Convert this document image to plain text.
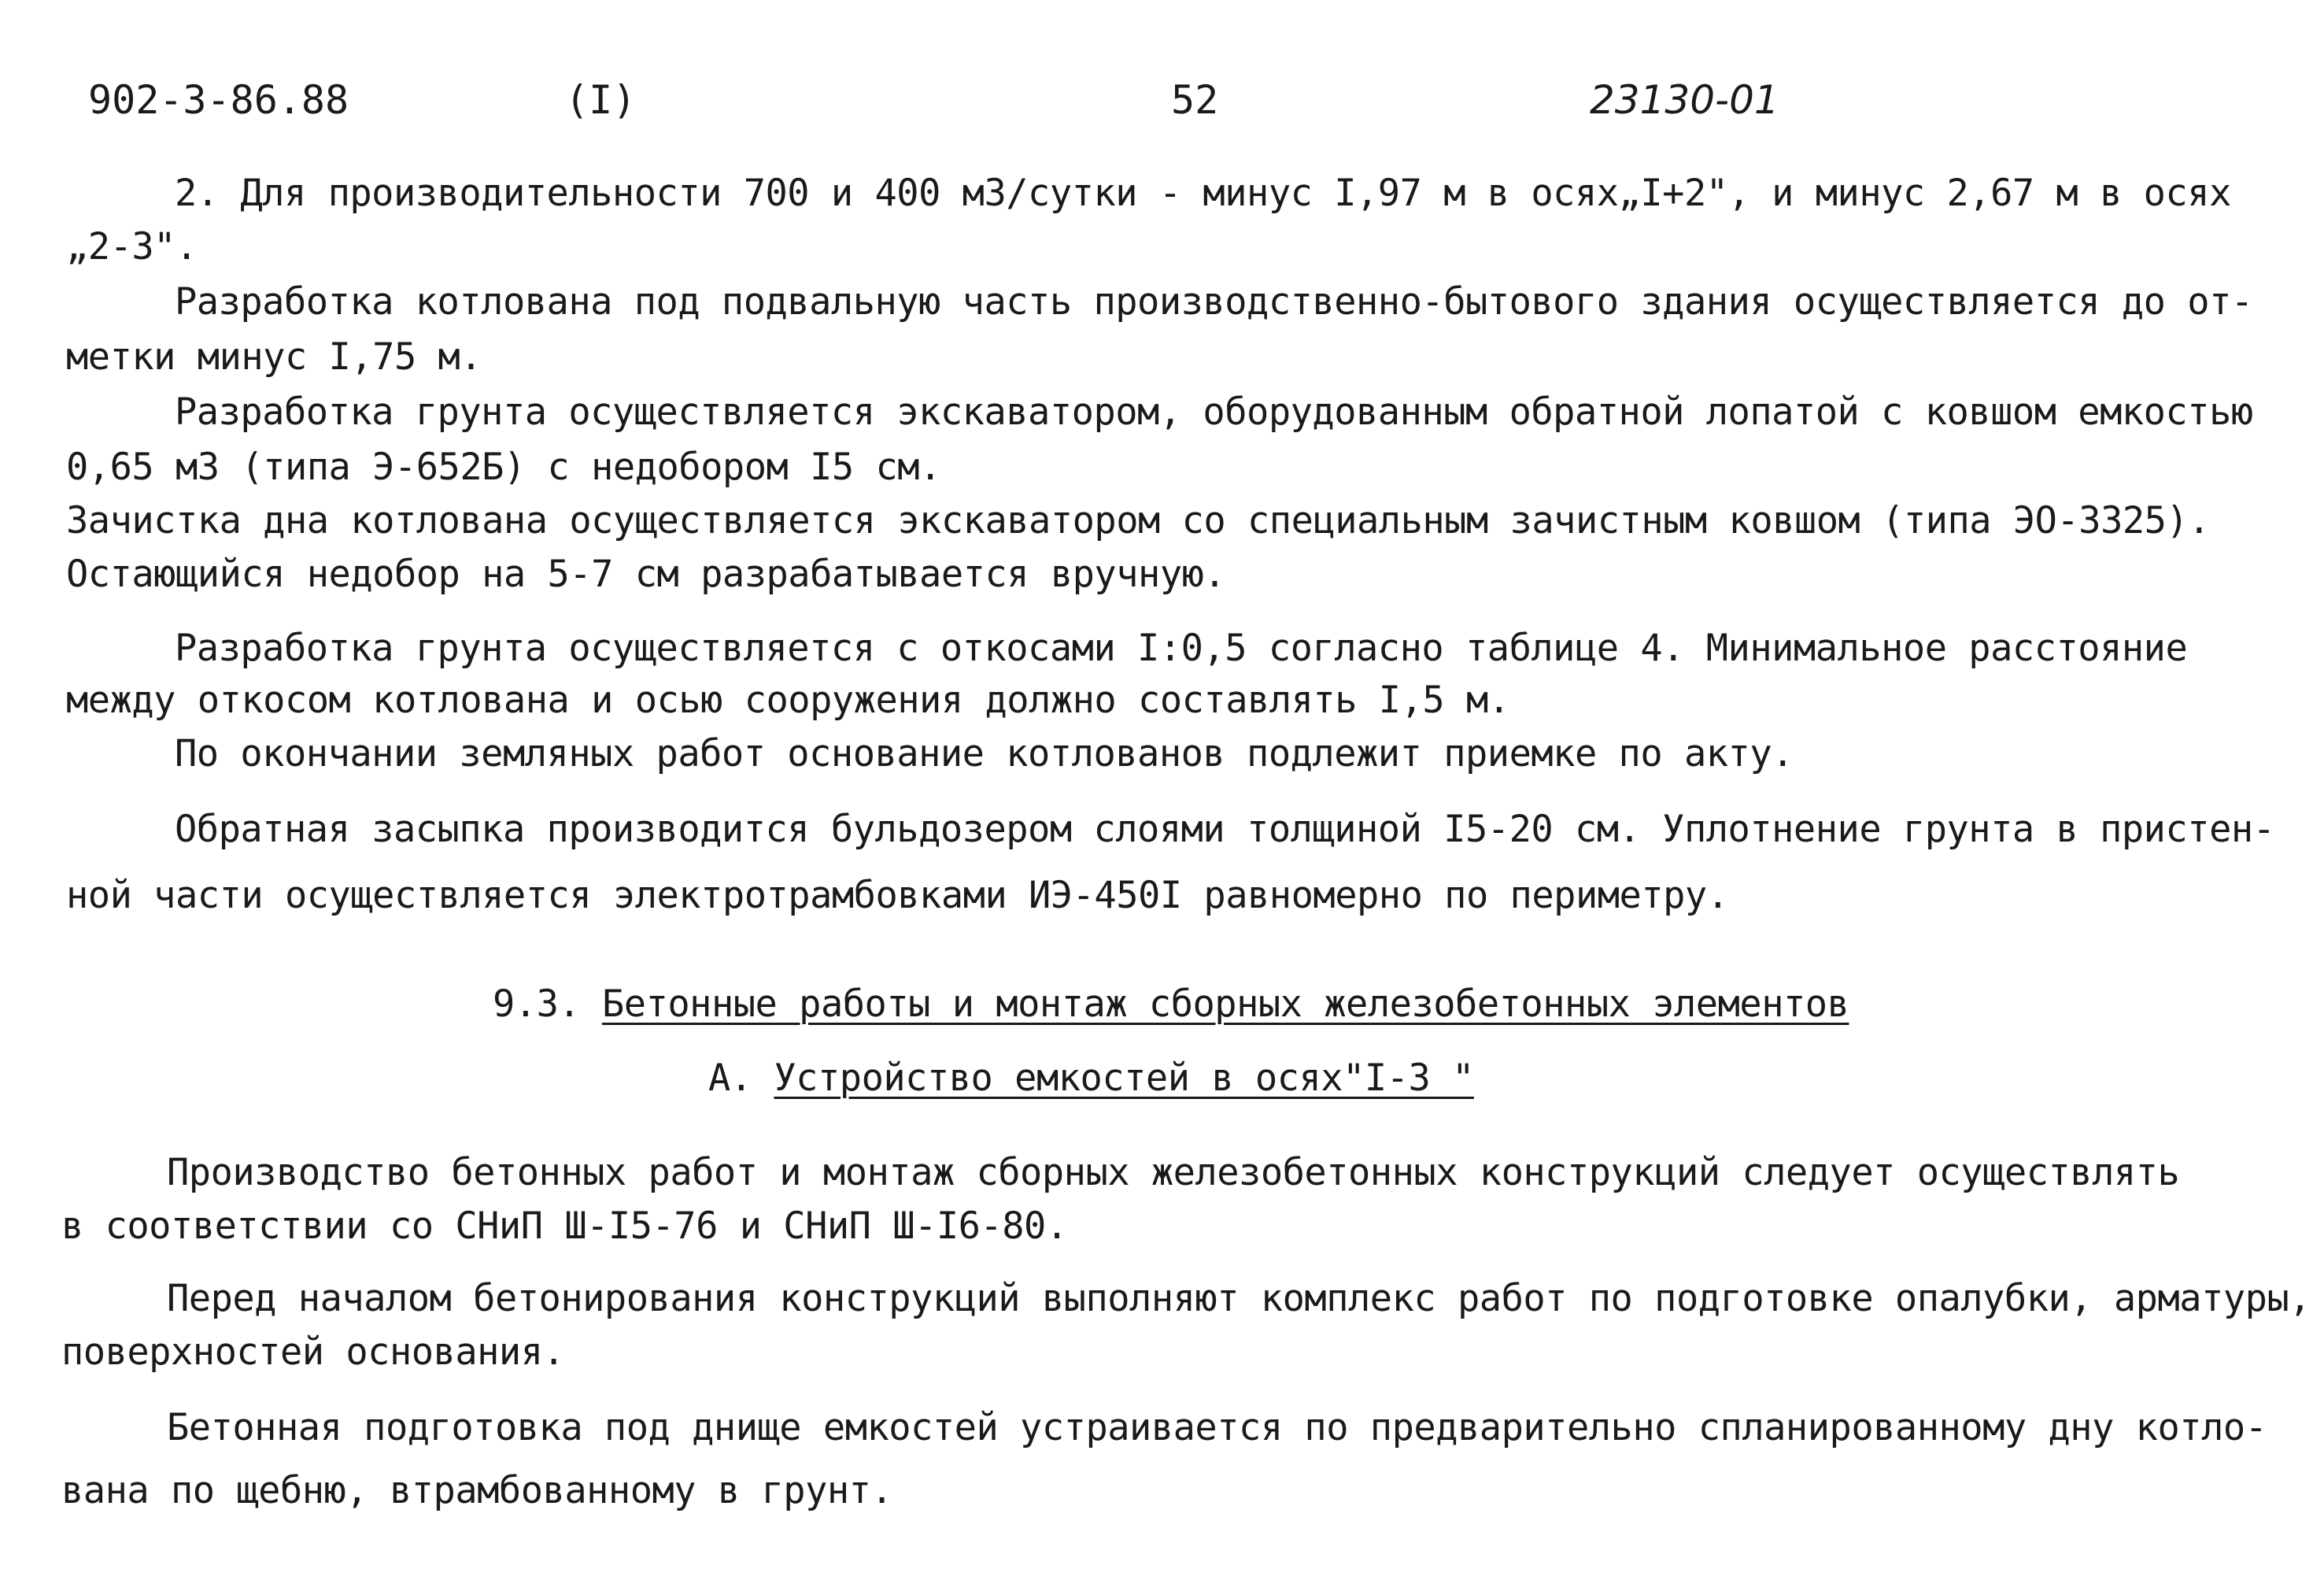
902-3-86.88	(I)	52	23130-01
2. Для производительности 700 и 400 м3/сутки - минус I,97 м в осях„I+2", и минус 2,67 м в осях
„2-3".
Разработка котлована под подвальную часть производственно-бытового здания осуществляется до от-
метки минус I,75 м.
Разработка грунта осуществляется экскаватором, оборудованным обратной лопатой с ковшом емкостью
0,65 м3 (типа Э-652Б) с недобором I5 см.
Зачистка дна котлована осуществляется экскаватором со специальным зачистным ковшом (типа ЭО-3325).
Остающийся недобор на 5-7 см разрабатывается вручную.
Разработка грунта осуществляется с откосами I:0,5 согласно таблице 4. Минимальное расстояние
между откосом котлована и осью сооружения должно составлять I,5 м.
По окончании земляных работ основание котлованов подлежит приемке по акту.
Обратная засыпка производится бульдозером слоями толщиной I5-20 см. Уплотнение грунта в пристен-
ной части осуществляется электротрамбовками ИЭ-450I равномерно по периметру.
9.3. Бетонные работы и монтаж сборных железобетонных элементов
А. Устройство емкостей в осях"I-3 "
Производство бетонных работ и монтаж сборных железобетонных конструкций следует осуществлять
в соответствии со СНиП Ш-I5-76 и СНиП Ш-I6-80.
Перед началом бетонирования конструкций выполняют комплекс работ по подготовке опалубки, арматуры,
поверхностей основания.
Бетонная подготовка под днище емкостей устраивается по предварительно спланированному дну котло-
вана по щебню, втрамбованному в грунт.
